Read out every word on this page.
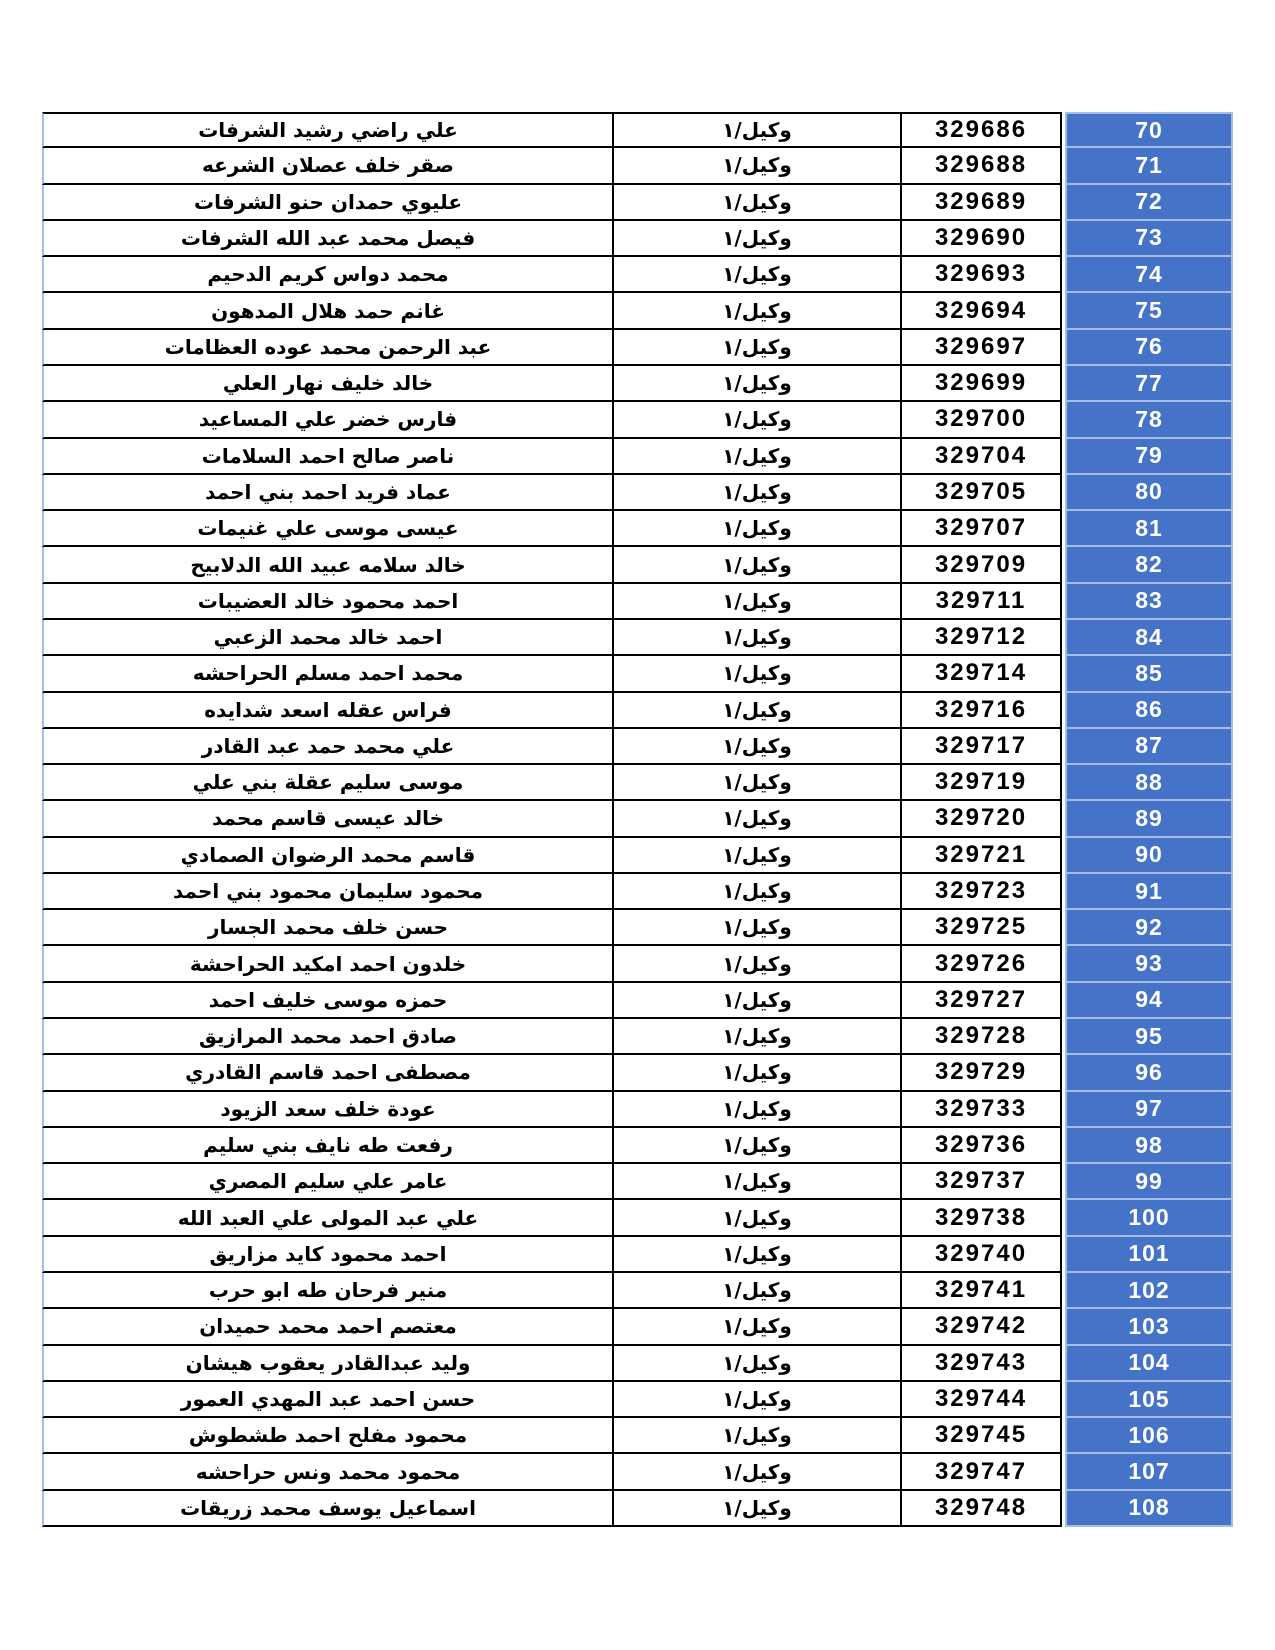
علي راضي رشيد الشرفات	وكيل/١	329686	70
صقر خلف عصلان الشرعه	وكيل/١	329688	71
عليوي حمدان حنو الشرفات	وكيل/١	329689	72
فيصل محمد عبد الله الشرفات	وكيل/١	329690	73
محمد دواس كريم الدحيم	وكيل/١	329693	74
غانم حمد هلال المدهون	وكيل/١	329694	75
عبد الرحمن محمد عوده العظامات	وكيل/١	329697	76
خالد خليف نهار العلي	وكيل/١	329699	77
فارس خضر علي المساعيد	وكيل/١	329700	78
ناصر صالح احمد السلامات	وكيل/١	329704	79
عماد فريد احمد بني احمد	وكيل/١	329705	80
عيسى موسى علي غنيمات	وكيل/١	329707	81
خالد سلامه عبيد الله الدلابيح	وكيل/١	329709	82
احمد محمود خالد العضيبات	وكيل/١	329711	83
احمد خالد محمد الزعبي	وكيل/١	329712	84
محمد احمد مسلم الحراحشه	وكيل/١	329714	85
فراس عقله اسعد شدايده	وكيل/١	329716	86
علي محمد حمد عبد القادر	وكيل/١	329717	87
موسى سليم عقلة بني علي	وكيل/١	329719	88
خالد عيسى قاسم محمد	وكيل/١	329720	89
قاسم محمد الرضوان الصمادي	وكيل/١	329721	90
محمود سليمان محمود بني احمد	وكيل/١	329723	91
حسن خلف محمد الجسار	وكيل/١	329725	92
خلدون احمد امكيد الحراحشة	وكيل/١	329726	93
حمزه موسى خليف احمد	وكيل/١	329727	94
صادق احمد محمد المرازيق	وكيل/١	329728	95
مصطفى احمد قاسم القادري	وكيل/١	329729	96
عودة خلف سعد الزيود	وكيل/١	329733	97
رفعت طه نايف بني سليم	وكيل/١	329736	98
عامر علي سليم المصري	وكيل/١	329737	99
علي عبد المولى علي العبد الله	وكيل/١	329738	100
احمد محمود كايد مزاريق	وكيل/١	329740	101
منير فرحان طه ابو حرب	وكيل/١	329741	102
معتصم احمد محمد حميدان	وكيل/١	329742	103
وليد عبدالقادر يعقوب هيشان	وكيل/١	329743	104
حسن احمد عبد المهدي العمور	وكيل/١	329744	105
محمود مفلح احمد طشطوش	وكيل/١	329745	106
محمود محمد ونس حراحشه	وكيل/١	329747	107
اسماعيل يوسف محمد زريقات	وكيل/١	329748	108
